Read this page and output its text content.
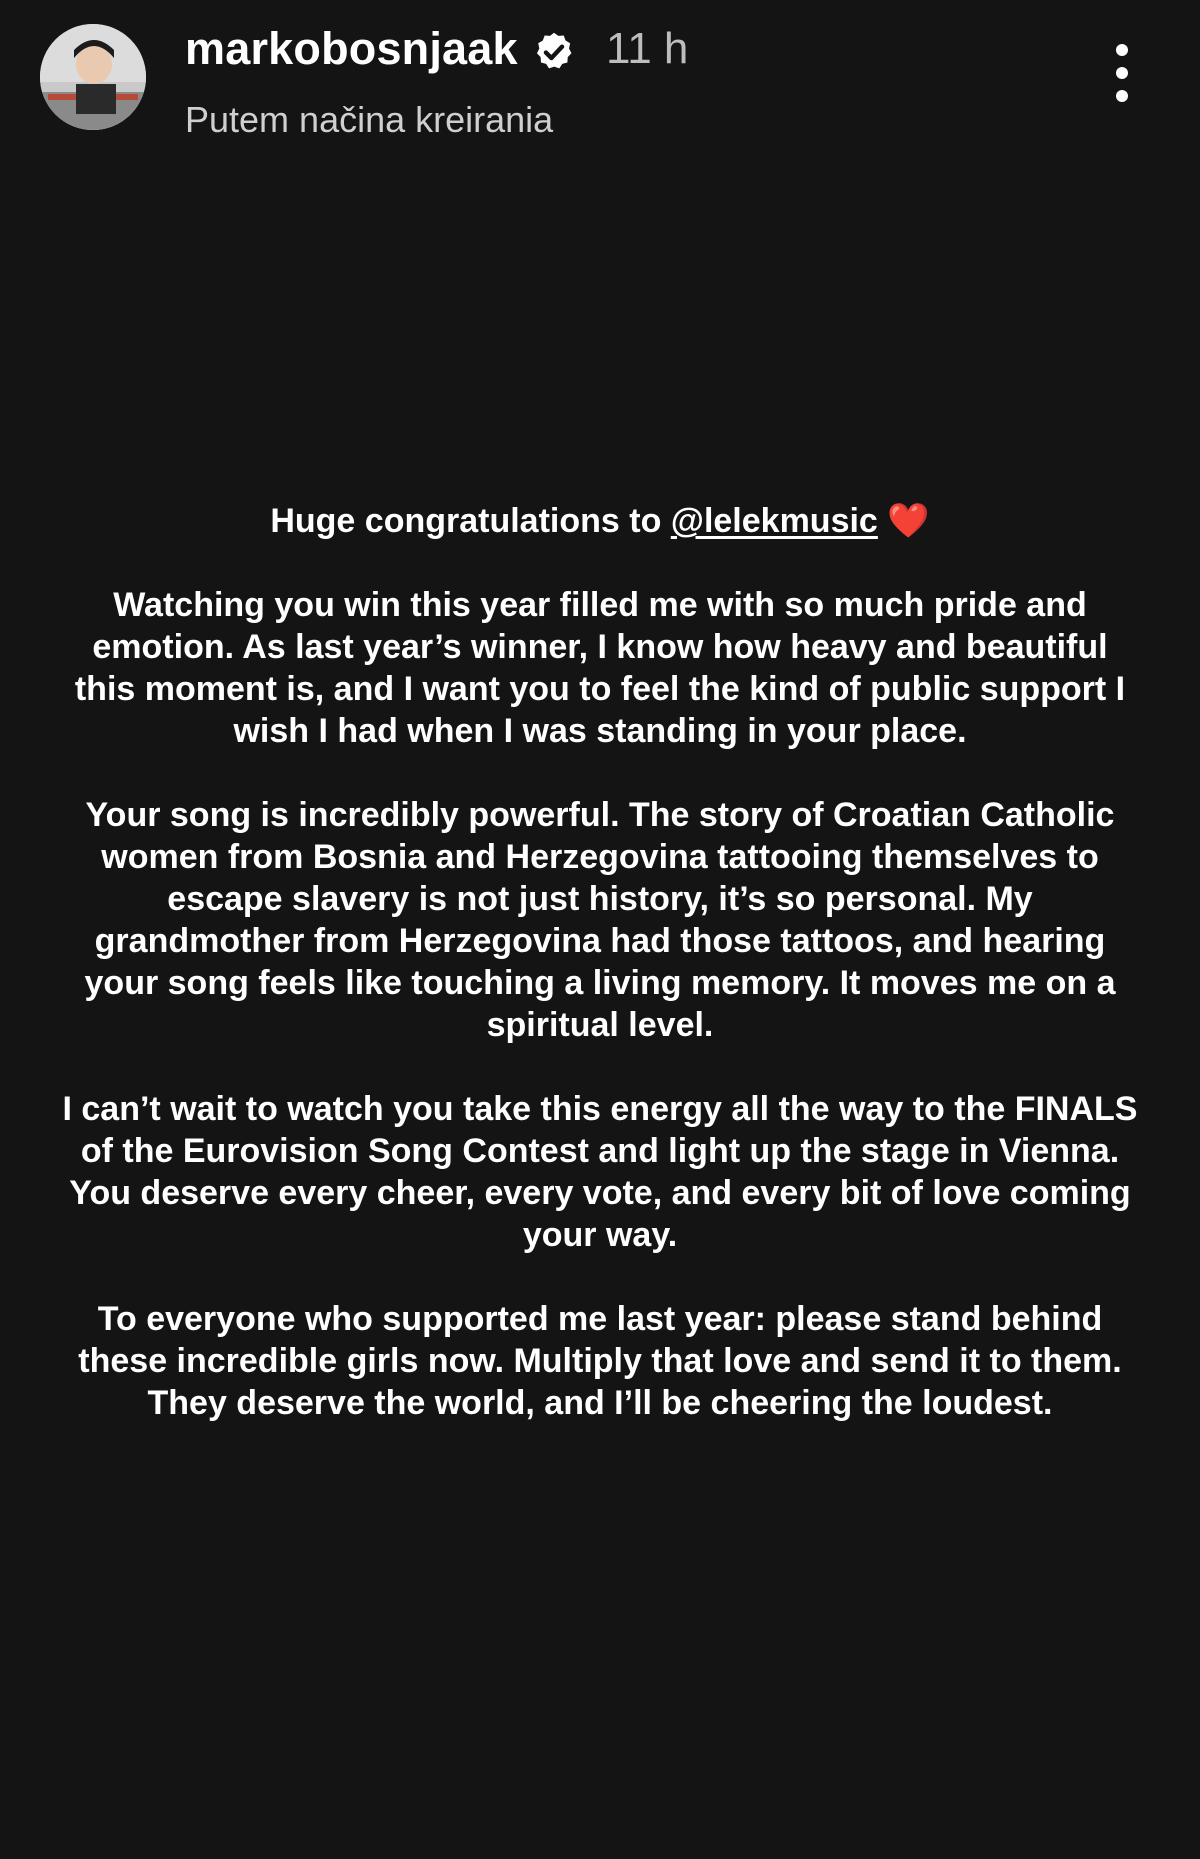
markobosnjaak 11 h
Putem načina kreirania

Huge congratulations to @lelekmusic ❤️

Watching you win this year filled me with so much pride and emotion. As last year’s winner, I know how heavy and beautiful this moment is, and I want you to feel the kind of public support I wish I had when I was standing in your place.

Your song is incredibly powerful. The story of Croatian Catholic women from Bosnia and Herzegovina tattooing themselves to escape slavery is not just history, it’s so personal. My grandmother from Herzegovina had those tattoos, and hearing your song feels like touching a living memory. It moves me on a spiritual level.

I can’t wait to watch you take this energy all the way to the FINALS of the Eurovision Song Contest and light up the stage in Vienna.

You deserve every cheer, every vote, and every bit of love coming your way.

To everyone who supported me last year: please stand behind these incredible girls now. Multiply that love and send it to them. They deserve the world, and I’ll be cheering the loudest.
